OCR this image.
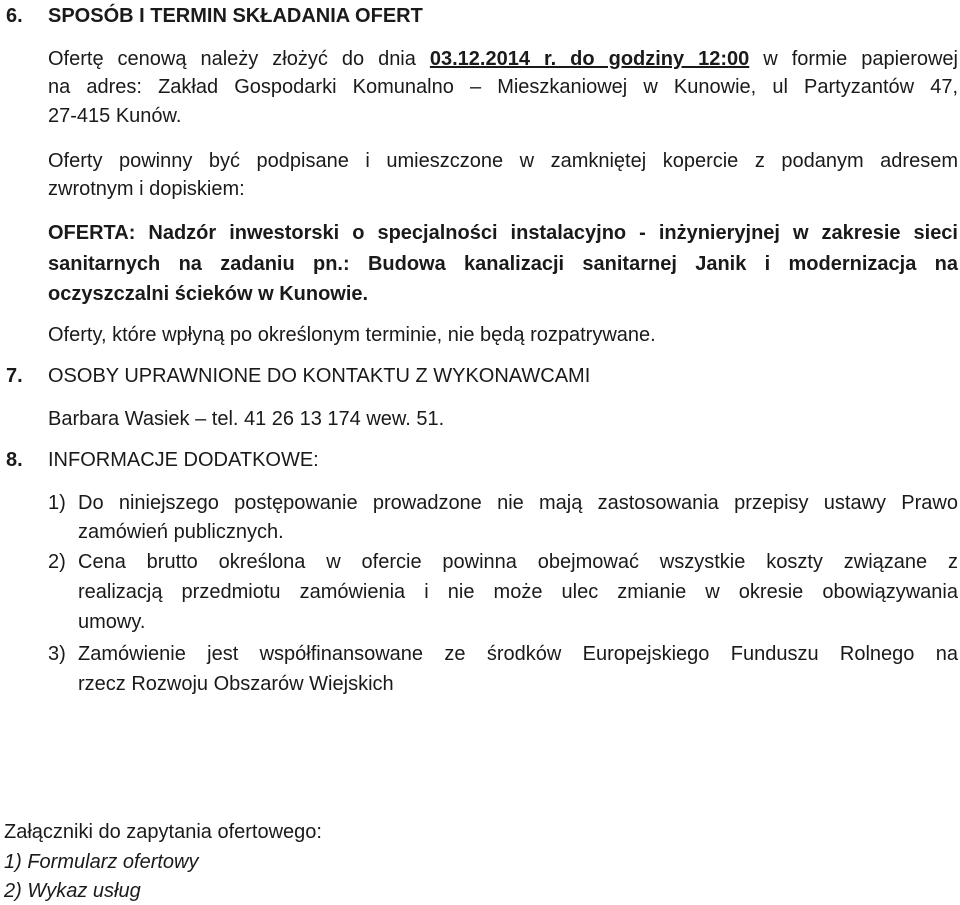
6. SPOSÓB I TERMIN SKŁADANIA OFERT
Ofertę cenową należy złożyć do dnia 03.12.2014 r. do godziny 12:00 w formie papierowej
na adres: Zakład Gospodarki Komunalno – Mieszkaniowej w Kunowie, ul Partyzantów 47,
27-415 Kunów.
Oferty powinny być podpisane i umieszczone w zamkniętej kopercie z podanym adresem
zwrotnym i dopiskiem:
OFERTA: Nadzór inwestorski o specjalności instalacyjno - inżynieryjnej w zakresie sieci
sanitarnych na zadaniu pn.: Budowa kanalizacji sanitarnej Janik i modernizacja na
oczyszczalni ścieków w Kunowie.
Oferty, które wpłyną po określonym terminie, nie będą rozpatrywane.
7. OSOBY UPRAWNIONE DO KONTAKTU Z WYKONAWCAMI
Barbara Wasiek – tel. 41 26 13 174 wew. 51.
8. INFORMACJE DODATKOWE:
1) Do niniejszego postępowanie prowadzone nie mają zastosowania przepisy ustawy Prawo
zamówień publicznych.
2) Cena brutto określona w ofercie powinna obejmować wszystkie koszty związane z
realizacją przedmiotu zamówienia i nie może ulec zmianie w okresie obowiązywania
umowy.
3) Zamówienie jest współfinansowane ze środków Europejskiego Funduszu Rolnego na
rzecz Rozwoju Obszarów Wiejskich
Załączniki do zapytania ofertowego:
1) Formularz ofertowy
2) Wykaz usług
